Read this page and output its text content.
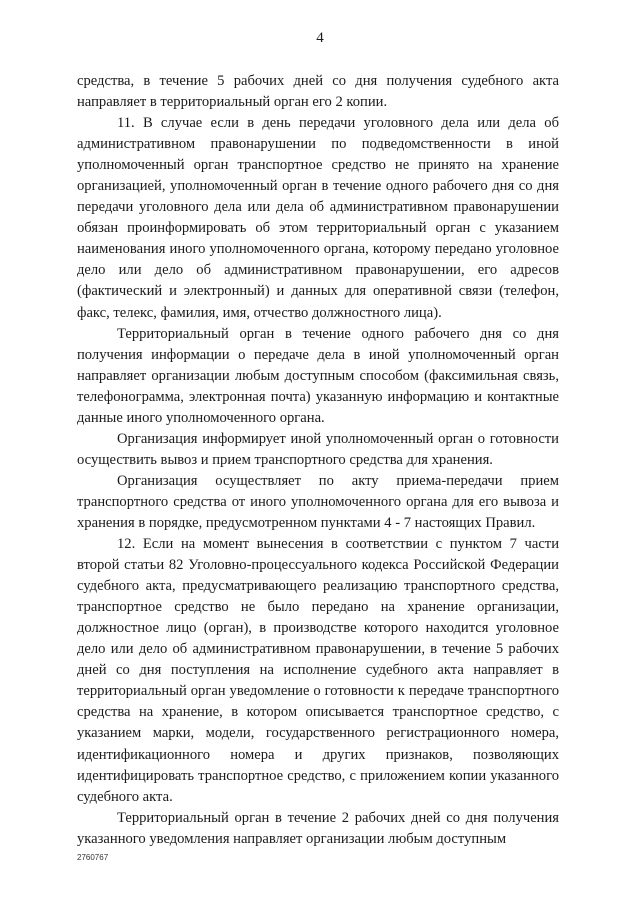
4

средства, в течение 5 рабочих дней со дня получения судебного акта направляет в территориальный орган его 2 копии.

11. В случае если в день передачи уголовного дела или дела об административном правонарушении по подведомственности в иной уполномоченный орган транспортное средство не принято на хранение организацией, уполномоченный орган в течение одного рабочего дня со дня передачи уголовного дела или дела об административном правонарушении обязан проинформировать об этом территориальный орган с указанием наименования иного уполномоченного органа, которому передано уголовное дело или дело об административном правонарушении, его адресов (фактический и электронный) и данных для оперативной связи (телефон, факс, телекс, фамилия, имя, отчество должностного лица).

Территориальный орган в течение одного рабочего дня со дня получения информации о передаче дела в иной уполномоченный орган направляет организации любым доступным способом (факсимильная связь, телефонограмма, электронная почта) указанную информацию и контактные данные иного уполномоченного органа.

Организация информирует иной уполномоченный орган о готовности осуществить вывоз и прием транспортного средства для хранения.

Организация осуществляет по акту приема-передачи прием транспортного средства от иного уполномоченного органа для его вывоза и хранения в порядке, предусмотренном пунктами 4 - 7 настоящих Правил.

12. Если на момент вынесения в соответствии с пунктом 7 части второй статьи 82 Уголовно-процессуального кодекса Российской Федерации судебного акта, предусматривающего реализацию транспортного средства, транспортное средство не было передано на хранение организации, должностное лицо (орган), в производстве которого находится уголовное дело или дело об административном правонарушении, в течение 5 рабочих дней со дня поступления на исполнение судебного акта направляет в территориальный орган уведомление о готовности к передаче транспортного средства на хранение, в котором описывается транспортное средство, с указанием марки, модели, государственного регистрационного номера, идентификационного номера и других признаков, позволяющих идентифицировать транспортное средство, с приложением копии указанного судебного акта.

Территориальный орган в течение 2 рабочих дней со дня получения указанного уведомления направляет организации любым доступным

2760767
